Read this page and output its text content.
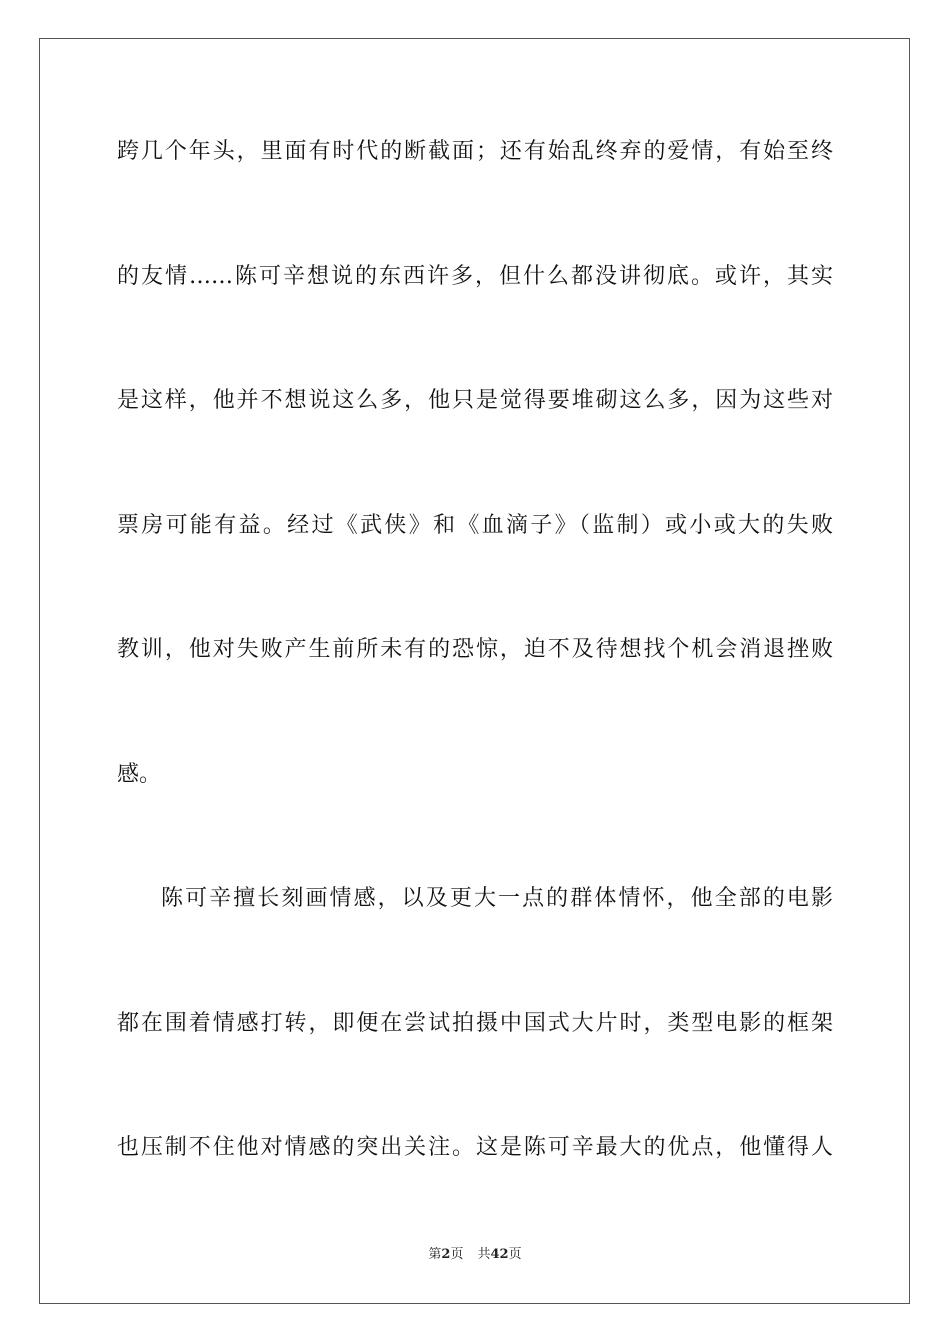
跨几个年头，里面有时代的断截面；还有始乱终弃的爱情，有始至终
的友情……陈可辛想说的东西许多，但什么都没讲彻底。或许，其实
是这样，他并不想说这么多，他只是觉得要堆砌这么多，因为这些对
票房可能有益。经过《武侠》和《血滴子》（监制）或小或大的失败
教训，他对失败产生前所未有的恐惊，迫不及待想找个机会消退挫败
感。
陈可辛擅长刻画情感，以及更大一点的群体情怀，他全部的电影
都在围着情感打转，即便在尝试拍摄中国式大片时，类型电影的框架
也压制不住他对情感的突出关注。这是陈可辛最大的优点，他懂得人
第2页 共42页
